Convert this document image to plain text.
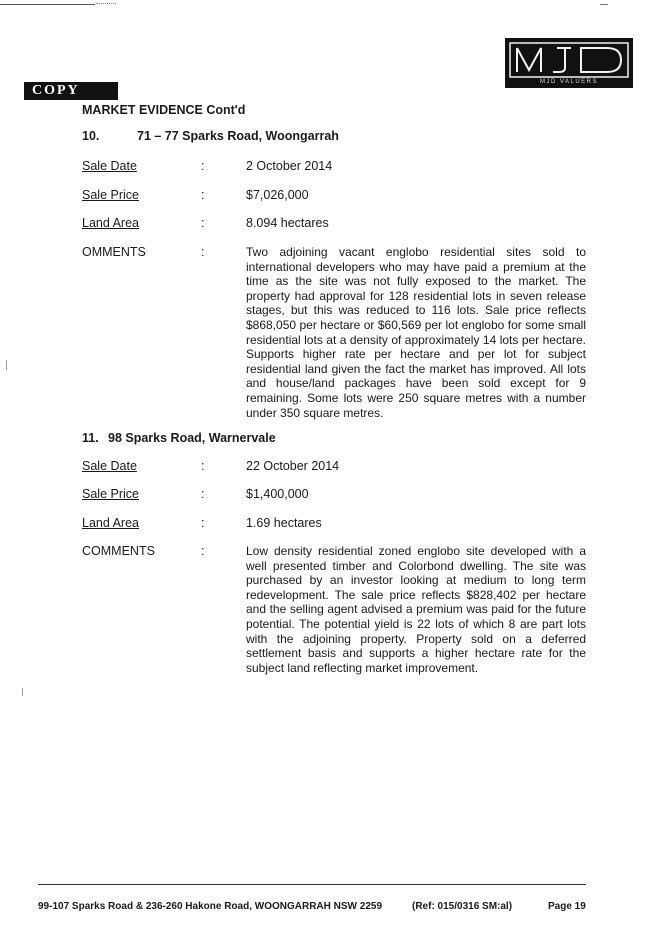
MJD
MJD VALUERS
COPY
MARKET EVIDENCE Cont'd
10.	71 – 77 Sparks Road, Woongarrah
Sale Date	:	2 October 2014
Sale Price	:	$7,026,000
Land Area	:	8.094 hectares
OMMENTS	:	Two adjoining vacant englobo residential sites sold to international developers who may have paid a premium at the time as the site was not fully exposed to the market. The property had approval for 128 residential lots in seven release stages, but this was reduced to 116 lots. Sale price reflects $868,050 per hectare or $60,569 per lot englobo for some small residential lots at a density of approximately 14 lots per hectare. Supports higher rate per hectare and per lot for subject residential land given the fact the market has improved. All lots and house/land packages have been sold except for 9 remaining. Some lots were 250 square metres with a number under 350 square metres.
11. 98 Sparks Road, Warnervale
Sale Date	:	22 October 2014
Sale Price	:	$1,400,000
Land Area	:	1.69 hectares
COMMENTS	:	Low density residential zoned englobo site developed with a well presented timber and Colorbond dwelling. The site was purchased by an investor looking at medium to long term redevelopment. The sale price reflects $828,402 per hectare and the selling agent advised a premium was paid for the future potential. The potential yield is 22 lots of which 8 are part lots with the adjoining property. Property sold on a deferred settlement basis and supports a higher hectare rate for the subject land reflecting market improvement.
99-107 Sparks Road & 236-260 Hakone Road, WOONGARRAH NSW 2259	(Ref: 015/0316 SM:al)	Page 19
